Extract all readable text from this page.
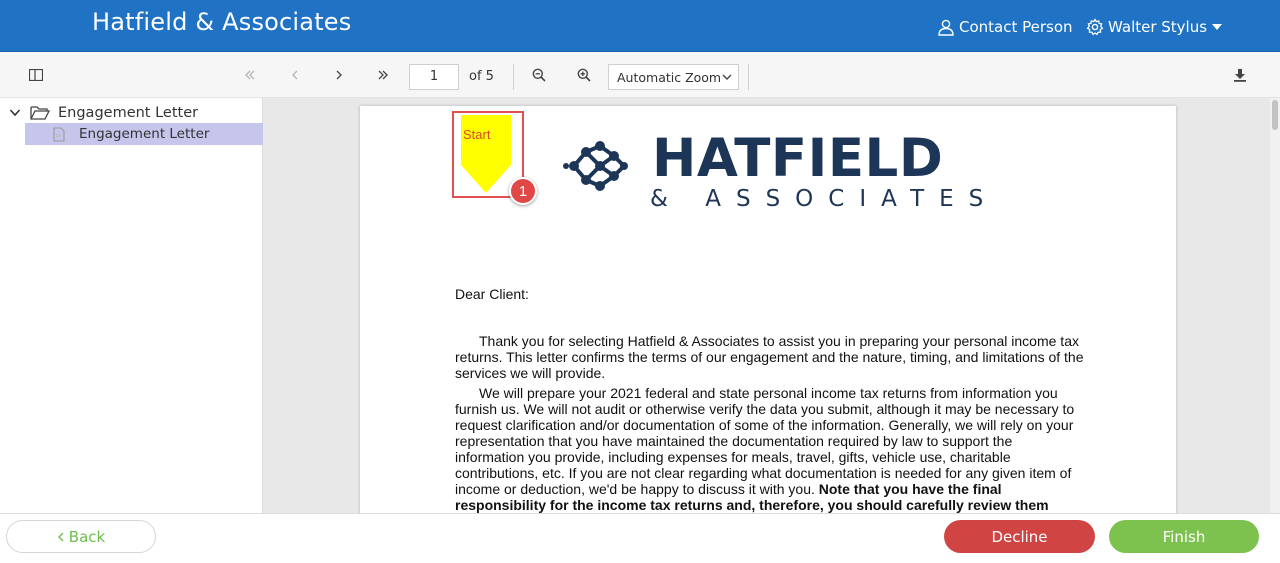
Hatfield & Associates	Contact Person Walter Stylus
1	of 5	Automatic Zoom
Engagement Letter
Engagement Letter	HATFIELD
& ASSOCIATES

Dear Client:

Thank you for selecting Hatfield & Associates to assist you in preparing your personal income tax returns. This letter confirms the terms of our engagement and the nature, timing, and limitations of the services we will provide.

We will prepare your 2021 federal and state personal income tax returns from information you furnish us. We will not audit or otherwise verify the data you submit, although it may be necessary to request clarification and/or documentation of some of the information. Generally, we will rely on your representation that you have maintained the documentation required by law to support the information you provide, including expenses for meals, travel, gifts, vehicle use, charitable contributions, etc. If you are not clear regarding what documentation is needed for any given item of income or deduction, we'd be happy to discuss it with you. Note that you have the final responsibility for the income tax returns and, therefore, you should carefully review them

Start
1
Back	Decline	Finish
